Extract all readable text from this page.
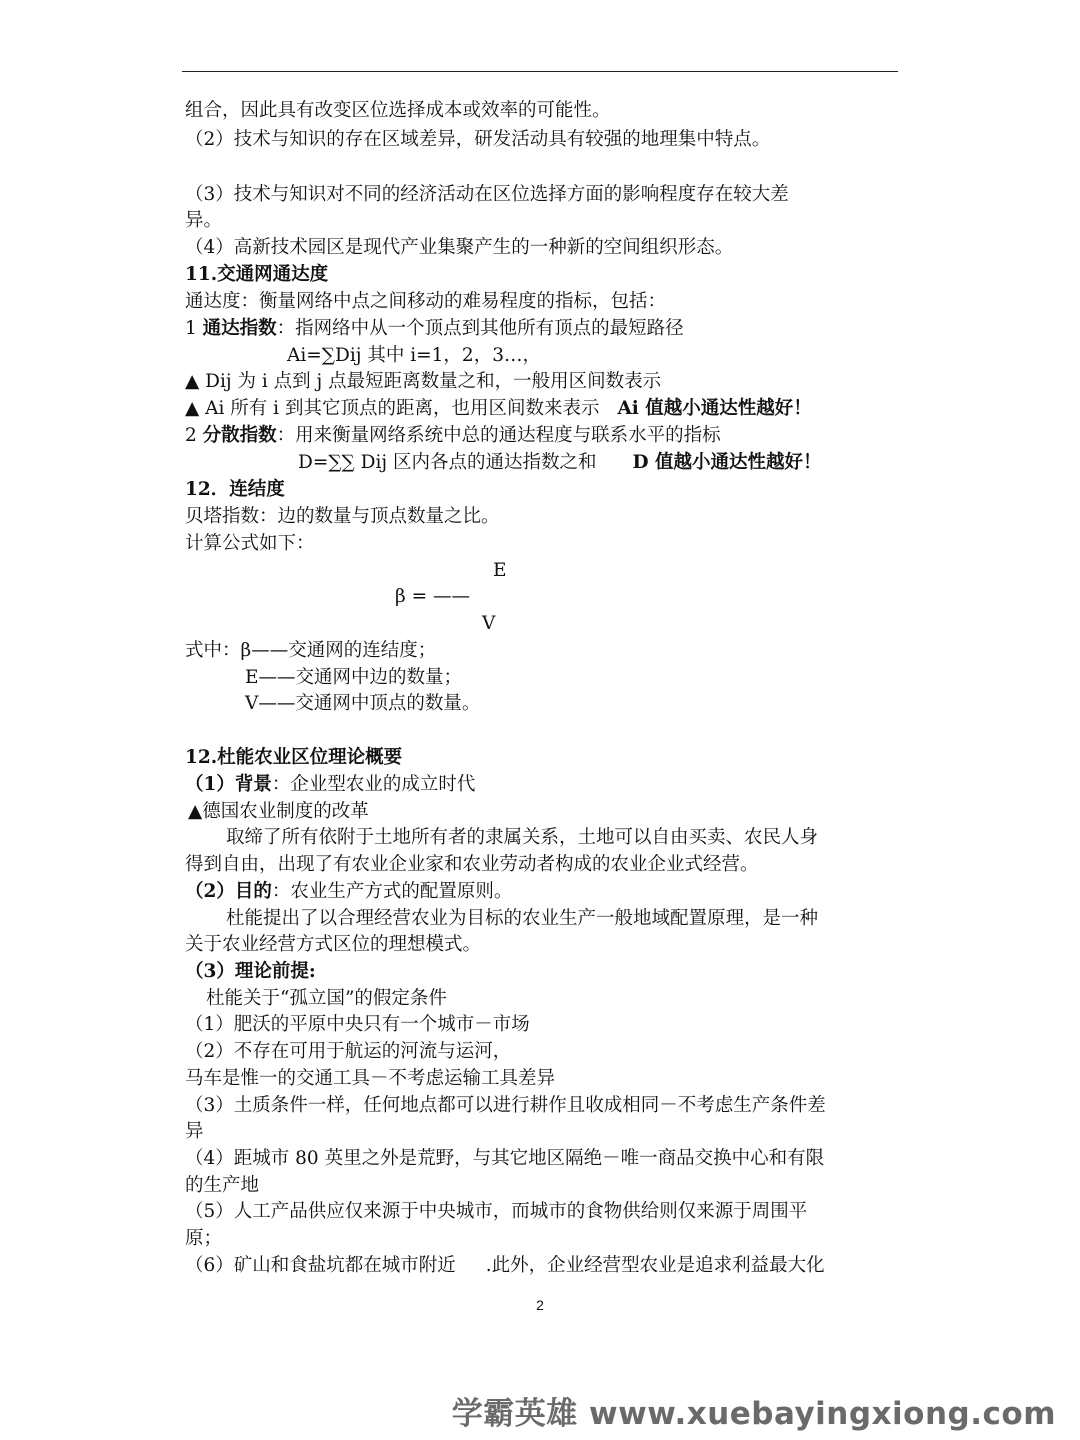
组合，因此具有改变区位选择成本或效率的可能性。
（2）技术与知识的存在区域差异，研发活动具有较强的地理集中特点。
（3）技术与知识对不同的经济活动在区位选择方面的影响程度存在较大差
异。
（4）高新技术园区是现代产业集聚产生的一种新的空间组织形态。
11.交通网通达度
通达度：衡量网络中点之间移动的难易程度的指标，包括：
1 通达指数：指网络中从一个顶点到其他所有顶点的最短路径
Ai=∑Dij 其中 i=1，2，3…，
▲ Dij 为 i 点到 j 点最短距离数量之和，一般用区间数表示
▲ Ai 所有 i 到其它顶点的距离，也用区间数来表示 Ai 值越小通达性越好！
2 分散指数：用来衡量网络系统中总的通达程度与联系水平的指标
D=∑∑ Dij 区内各点的通达指数之和 D 值越小通达性越好！
12．连结度
贝塔指数：边的数量与顶点数量之比。
计算公式如下：
E
β = ——
V
式中：β——交通网的连结度；
E——交通网中边的数量；
V——交通网中顶点的数量。
12.杜能农业区位理论概要
（1）背景：企业型农业的成立时代
▲德国农业制度的改革
取缔了所有依附于土地所有者的隶属关系，土地可以自由买卖、农民人身
得到自由，出现了有农业企业家和农业劳动者构成的农业企业式经营。
（2）目的：农业生产方式的配置原则。
杜能提出了以合理经营农业为目标的农业生产一般地域配置原理，是一种
关于农业经营方式区位的理想模式。
（3）理论前提:
杜能关于“孤立国”的假定条件
（1）肥沃的平原中央只有一个城市－市场
（2）不存在可用于航运的河流与运河，
马车是惟一的交通工具－不考虑运输工具差异
（3）土质条件一样，任何地点都可以进行耕作且收成相同－不考虑生产条件差
异
（4）距城市 80 英里之外是荒野，与其它地区隔绝－唯一商品交换中心和有限
的生产地
（5）人工产品供应仅来源于中央城市，而城市的食物供给则仅来源于周围平
原；
（6）矿山和食盐坑都在城市附近 .此外，企业经营型农业是追求利益最大化
2
学霸英雄 www.xuebayingxiong.com
